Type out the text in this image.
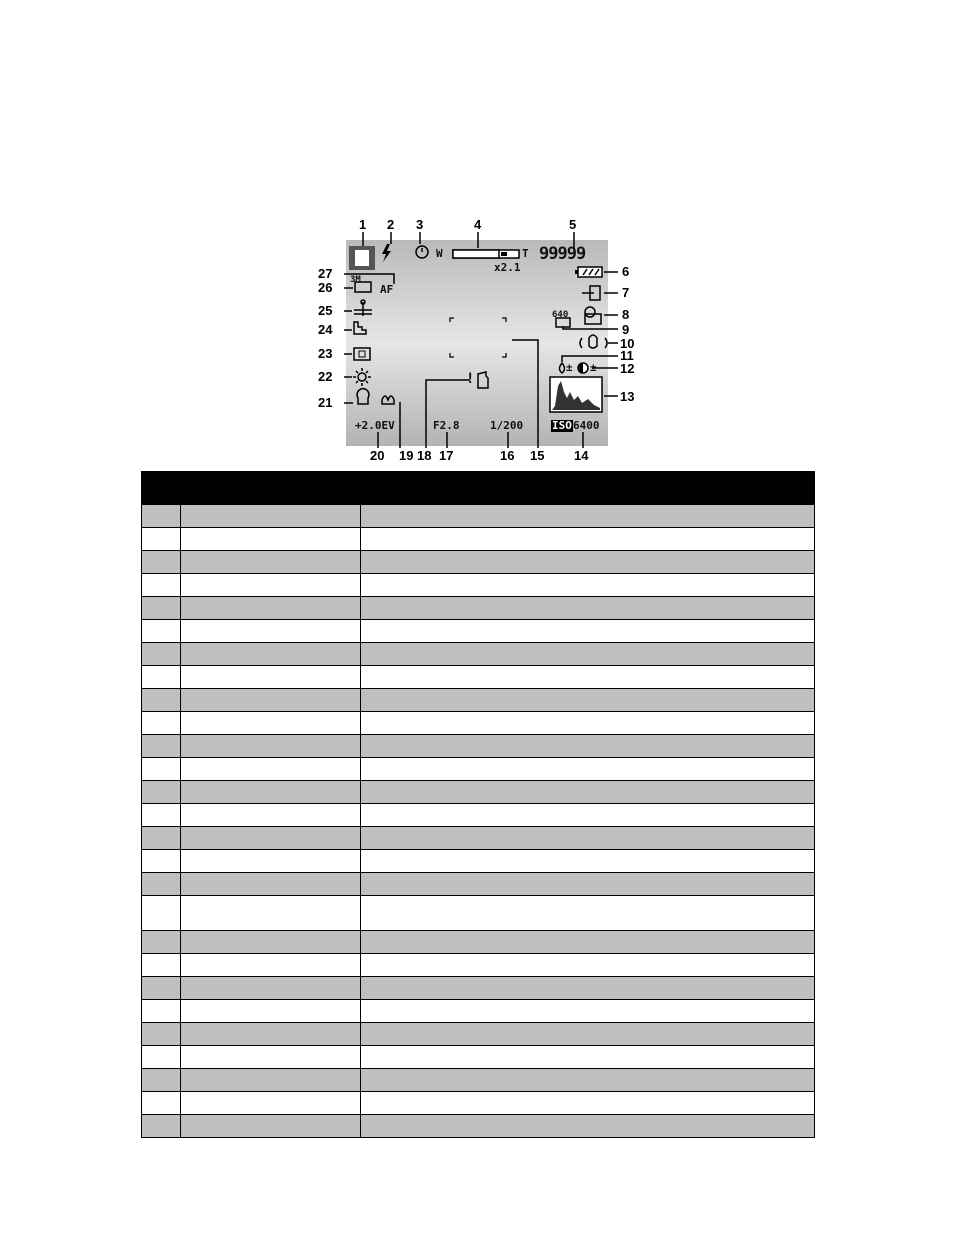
P	W	T
x2.1
99999
640
AF
3M
!
± ±
+2.0EV	F2.8	1/200	ISO 6400
1 2 3	4	5
6
7
8
9
10
11
12
13
14
15
16
17
18
19
20
21
22
23
24
25
26
27
